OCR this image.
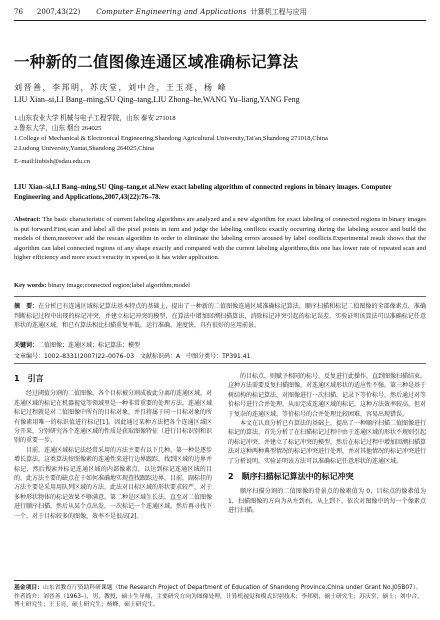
76 2007,43(22) Computer Engineering and Applications 计算机工程与应用
一种新的二值图像连通区域准确标记算法
刘晋善，李邦明，苏庆堂，刘中合，王玉亮，杨 峰
LIU Xian–si,LI Bang–ming,SU Qing–tang,LIU Zhong–he,WANG Yu–liang,YANG Feng
1.山东农业大学 机械与电子工程学院，山东 泰安 271018
2.鲁东大学，山东 烟台 264025
1.College of Mechanical & Electronical Engineering,Shandong Agricultural University,Tai'an,Shandong 271018,China
2.Ludong University,Yantai,Shandong 264025,China
E–mail:liubish@sdau.edu.cn
LIU Xian–si,LI Bang–ming,SU Qing–tang,et al.New exact labeling algorithm of connected regions in binary images. Computer Engineering and Applications,2007,43(22):76–78.
Abstract: The basic characteristic of current labeling algorithms are analyzed and a new algorithm for exact labeling of connected regions in binary images is put forward.First,scan and label all the pixel points in turn and judge the labeling conflicts exactly occurring during the labeling source and build the models of them,moreover add the rescan algorithm in order to eliminate the labeling errors aroused by label conflicts.Experimental result shows that the algorithm can label connected regions of any shape exactly and compared with the current labeling algorithms,this one has lower rate of repeated scan and higher efficiency and more exact veracity in speed,so it has wider application.
Key words: binary image;connected region;label algorithm;model
摘　要：在分析已有连通区域标记算法基本特点的基础上，提出了一种新的二值图像连通区域准确标记算法。顺序扫描和标记二值图像的全部像素点，准确判断标记过程中出现的标记冲突，并建立标记冲突的模型，在算法中增加回溯扫描算法，消除标记冲突引起的标记误差。实验证明该算法可以准确标记任意形状的连通区域，和已有算法相比扫描重复率低，运行准确、速度快，具有很好的应用前景。
关键词：二值图像；连通区域；标记算法；模型
文章编号：1002–8331(2007)22–0076–03　文献标识码：A　中图分类号：TP391.41
1　引言

经过阈值分割的二值图像，各个目标被分割成彼此分离的连通区域，对连通区域的标记在机器视觉等领域里是一种非常重要的处理方法，连通区域标记过程就是对二值图像中所有的目标对象，并且将属于同一目标对象的所有像素用唯一的标识值进行标记[1]。因此通过某种方法把各个连通区域区分开来，分别研究各个连通区域的性质是获取图像特征（进行目标识别和识别的重要一步。

目前，连通区域标记法经常采用的方法主要有以下几种，第一种是逐步增长算法，这类算法按照像素的连通性来进行边界跟踪，找到区域的边界并标记，然后搜索并标记连通区域的内部像素点，以达到标记连通区域的目的，此方法主要的缺点在于如何准确地实现查找跟踪边界，目前，副标挂的方法主要是采用用队列区域的方法，此法对目标区域的形状要求较严，对于多种形状物体的标记效果不够满意。第二种是区域生长法，直至对二值图像进行顺序扫描，然后从某个点出发，一次标记一个连通区域，然后再寻找下一个，对于目标较多的图像，效率不是很高[2]。

的目标点，则赋予相同的标号，反复进行此操作，直到图像扫描结束。这种方法需要反复扫描图像，对连通区域形状的适应性不强。第三种是基于树结构的标记算法，对图像进行一次扫描，记录下等价标号，然后通过对等价标号进行合并处理，从而完成连通区域的标记，这种方法效率较高，但对于复杂的连通区域，等价标号的合并处理比较困难，容易出现错误。

本文在认真分析已有算法的基础上，提出了一种顺序扫描二值图像进行标记的算法，首先分析了在扫描标记过程中由于连通区域的形状不规则引起的标记冲突，并建立了标记冲突的模型，然后在标记过程中增加回溯扫描算法对这种两种典型情况的标记冲突进行处理，并对其他情况的标记冲突进行了分析说明，实验证明该方法可以准确标记任意形状的连通区域。

2　顺序扫描标记算法中的标记冲突

顺序扫描分割的二值图像的背景点的像素值为 0，目标点的像素值为 1，扫描图像的方向为从左到右，从上到下，依次对图像中的每一个像素点进行扫描。

基金项目：山东省教育厅资助科研课题（the Research Project of Department of Education of Shandong Province,China under Grant No.J05B07）。
作者简介：刘晋善（1963–），男，教授，硕士生导师，主要研究方向为图像处理，计算机视觉和模式识别技术；李邦明，硕士研究生；苏庆堂，硕士；刘中合，博士研究生；王玉亮，硕士研究生；杨峰，硕士研究生。
